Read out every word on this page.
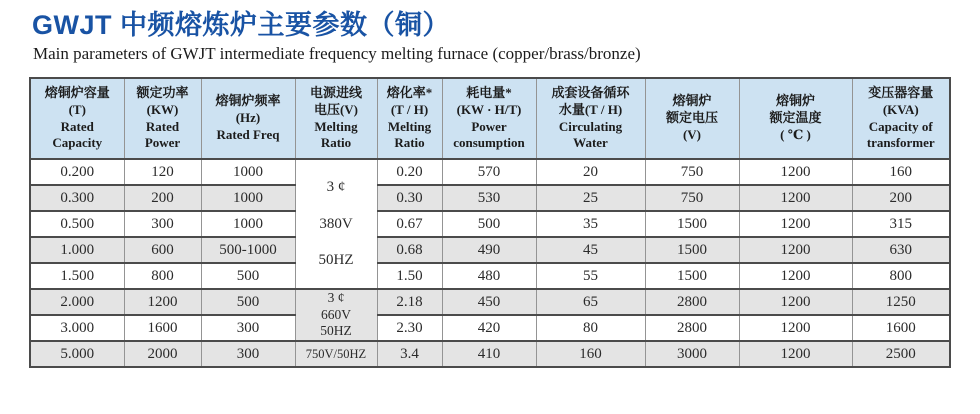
GWJT 中频熔炼炉主要参数（铜）
Main parameters of GWJT intermediate frequency melting furnace (copper/brass/bronze)
熔铜炉容量
(T)
Rated
Capacity	额定功率
(KW)
Rated
Power	熔铜炉频率
(Hz)
Rated Freq	电源进线
电压(V)
Melting
Ratio	熔化率*
(T / H)
Melting
Ratio	耗电量*
(KW · H/T)
Power
consumption	成套设备循环
水量(T / H)
Circulating
Water	熔铜炉
额定电压
(V)	熔铜炉
额定温度
( ℃ )	变压器容量
(KVA)
Capacity of
transformer

0.200	120	1000	3 ¢
380V
50HZ	0.20	570	20	750	1200	160
0.300	200	1000		0.30	530	25	750	1200	200
0.500	300	1000		0.67	500	35	1500	1200	315
1.000	600	500-1000		0.68	490	45	1500	1200	630
1.500	800	500		1.50	480	55	1500	1200	800
2.000	1200	500	3 ¢
660V
50HZ	2.18	450	65	2800	1200	1250
3.000	1600	300		2.30	420	80	2800	1200	1600
5.000	2000	300	750V/50HZ	3.4	410	160	3000	1200	2500
